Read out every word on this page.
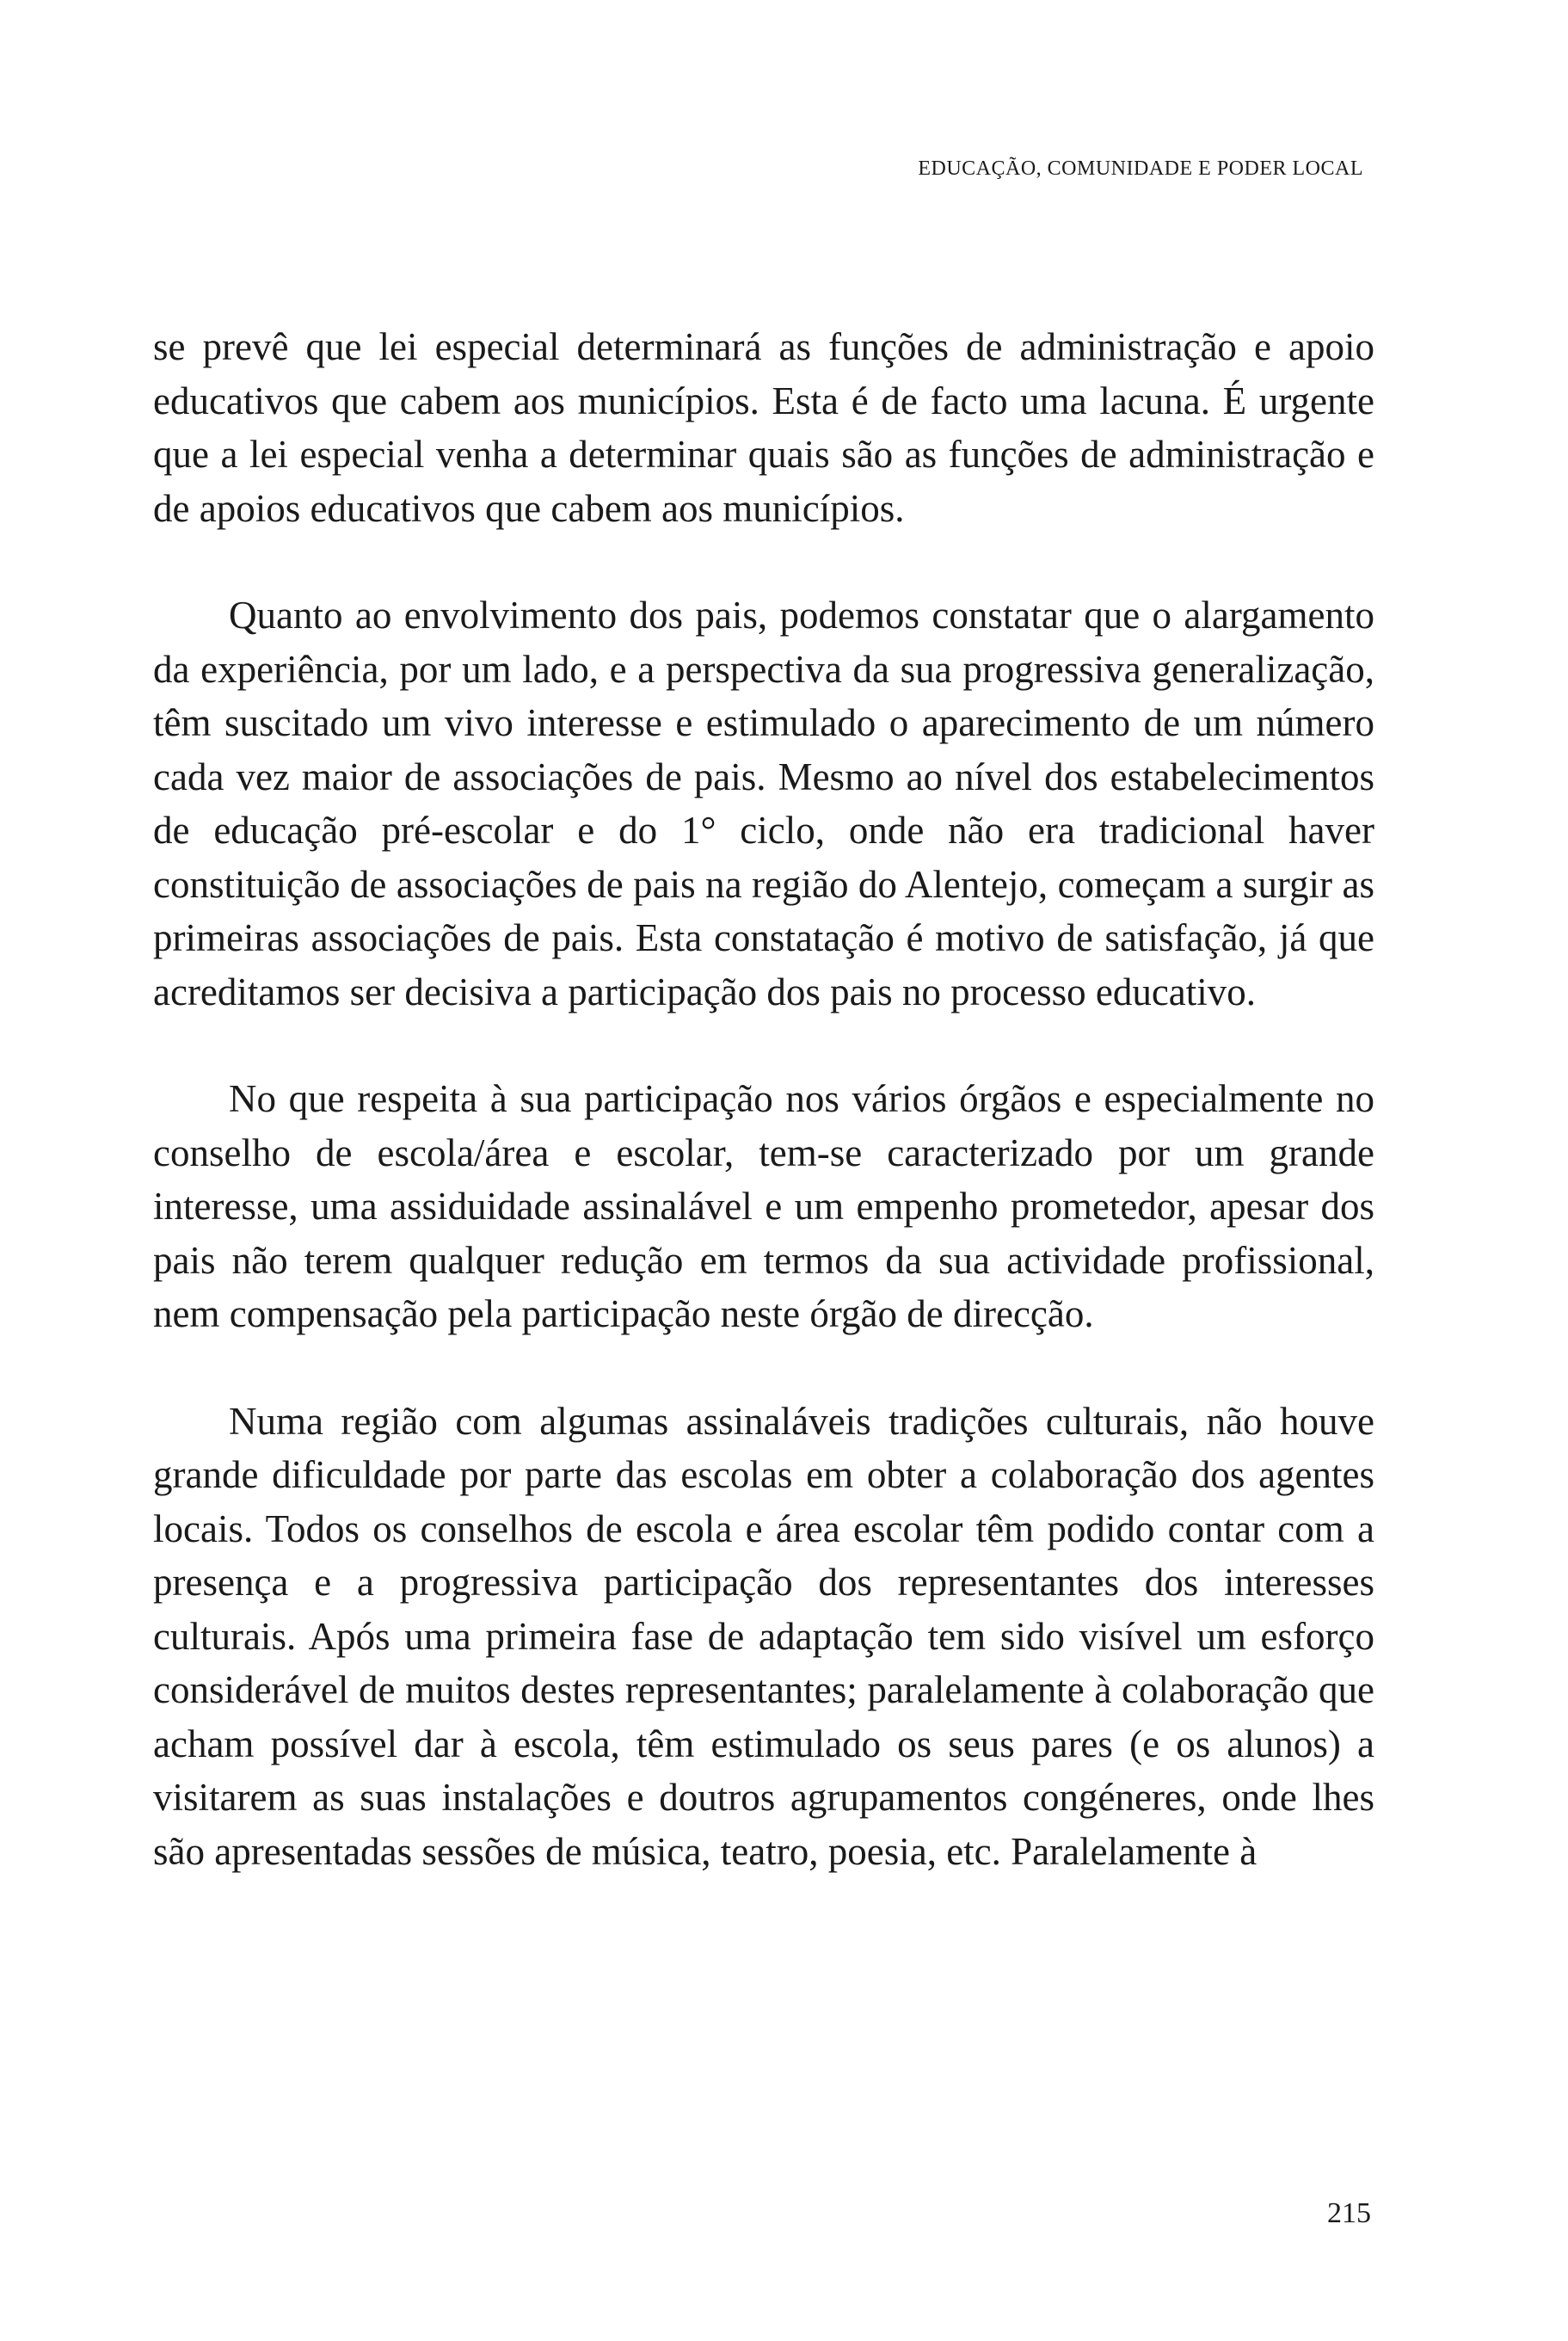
EDUCAÇÃO, COMUNIDADE E PODER LOCAL

se prevê que lei especial determinará as funções de administração e apoio educativos que cabem aos municípios. Esta é de facto uma lacuna. É urgente que a lei especial venha a determinar quais são as funções de administração e de apoios educativos que cabem aos municípios.

Quanto ao envolvimento dos pais, podemos constatar que o alargamento da experiência, por um lado, e a perspectiva da sua progressiva generalização, têm suscitado um vivo interesse e estimulado o aparecimento de um número cada vez maior de associações de pais. Mesmo ao nível dos estabelecimentos de educação pré-escolar e do 1° ciclo, onde não era tradicional haver constituição de associações de pais na região do Alentejo, começam a surgir as primeiras associações de pais. Esta constatação é motivo de satisfação, já que acreditamos ser decisiva a participação dos pais no processo educativo.

No que respeita à sua participação nos vários órgãos e especialmente no conselho de escola/área e escolar, tem-se caracterizado por um grande interesse, uma assiduidade assinalável e um empenho prometedor, apesar dos pais não terem qualquer redução em termos da sua actividade profissional, nem compensação pela participação neste órgão de direcção.

Numa região com algumas assinaláveis tradições culturais, não houve grande dificuldade por parte das escolas em obter a colaboração dos agentes locais. Todos os conselhos de escola e área escolar têm podido contar com a presença e a progressiva participação dos representantes dos interesses culturais. Após uma primeira fase de adaptação tem sido visível um esforço considerável de muitos destes representantes; paralelamente à colaboração que acham possível dar à escola, têm estimulado os seus pares (e os alunos) a visitarem as suas instalações e doutros agrupamentos congéneres, onde lhes são apresentadas sessões de música, teatro, poesia, etc. Paralelamente à

215
